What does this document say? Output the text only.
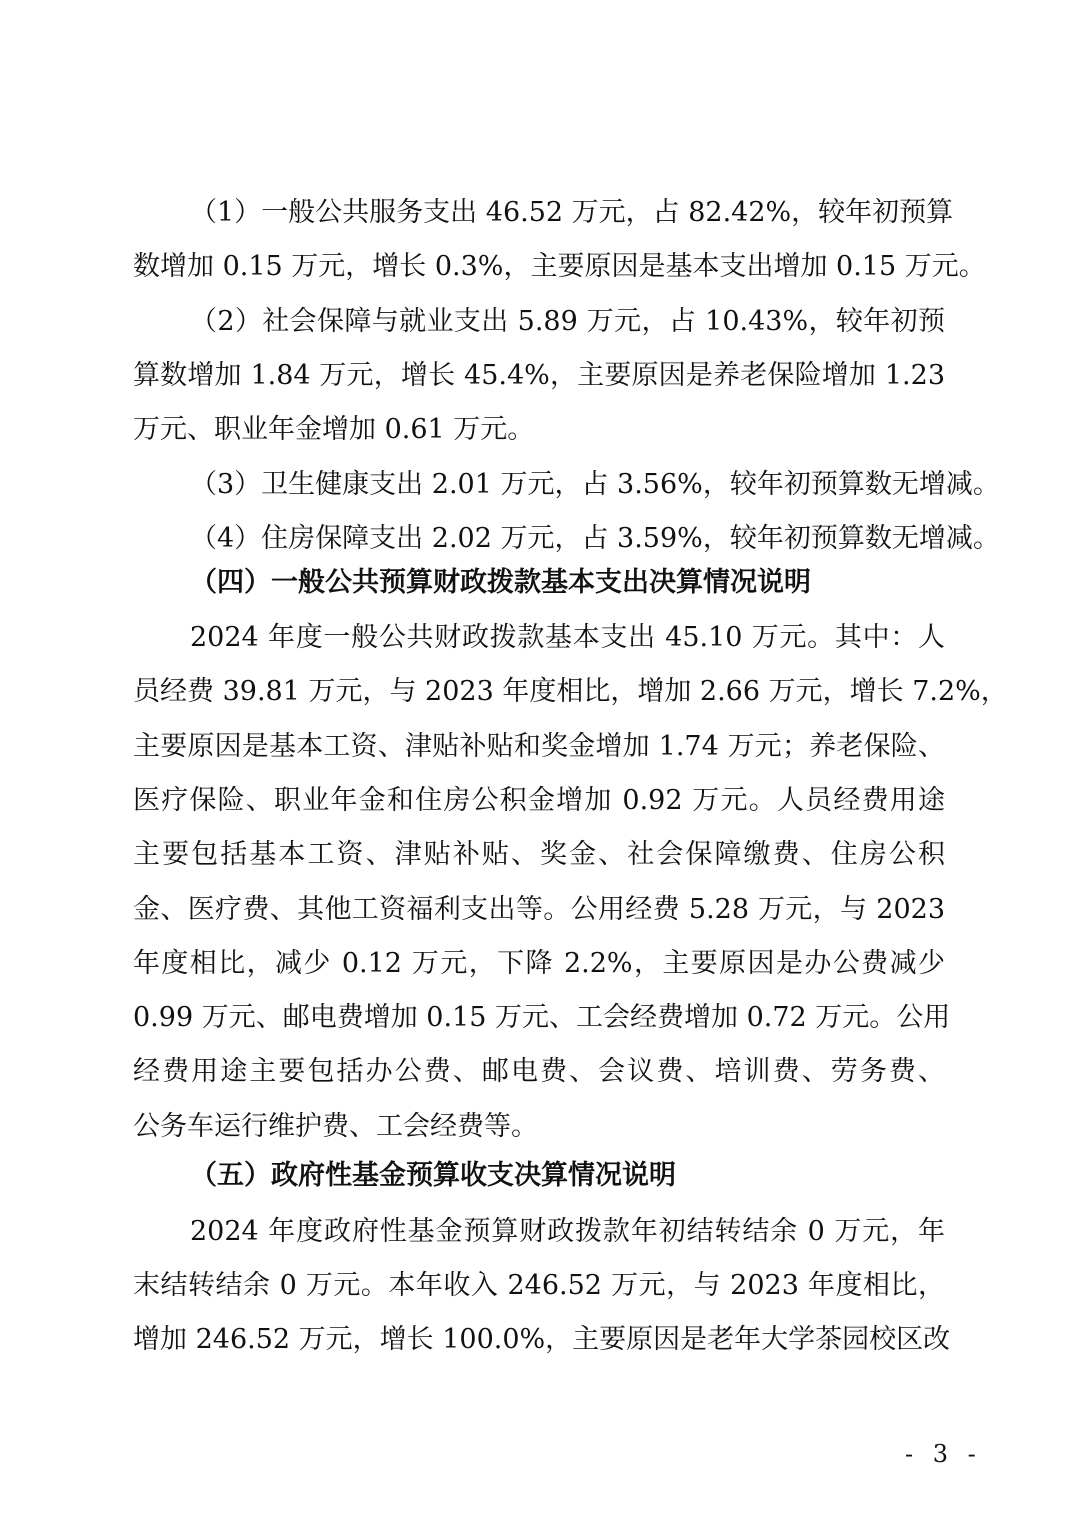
（1）一般公共服务支出 46.52 万元，占 82.42%，较年初预算
数增加 0.15 万元，增长 0.3%，主要原因是基本支出增加 0.15 万元。
（2）社会保障与就业支出 5.89 万元，占 10.43%，较年初预
算数增加 1.84 万元，增长 45.4%，主要原因是养老保险增加 1.23
万元、职业年金增加 0.61 万元。
（3）卫生健康支出 2.01 万元，占 3.56%，较年初预算数无增减。
（4）住房保障支出 2.02 万元，占 3.59%，较年初预算数无增减。
（四）一般公共预算财政拨款基本支出决算情况说明
2024 年度一般公共财政拨款基本支出 45.10 万元。其中：人
员经费 39.81 万元，与 2023 年度相比，增加 2.66 万元，增长 7.2%，
主要原因是基本工资、津贴补贴和奖金增加 1.74 万元；养老保险、
医疗保险、职业年金和住房公积金增加 0.92 万元。人员经费用途
主要包括基本工资、津贴补贴、奖金、社会保障缴费、住房公积
金、医疗费、其他工资福利支出等。公用经费 5.28 万元，与 2023
年度相比，减少 0.12 万元，下降 2.2%，主要原因是办公费减少
0.99 万元、邮电费增加 0.15 万元、工会经费增加 0.72 万元。公用
经费用途主要包括办公费、邮电费、会议费、培训费、劳务费、
公务车运行维护费、工会经费等。
（五）政府性基金预算收支决算情况说明
2024 年度政府性基金预算财政拨款年初结转结余 0 万元，年
末结转结余 0 万元。本年收入 246.52 万元，与 2023 年度相比，
增加 246.52 万元，增长 100.0%，主要原因是老年大学茶园校区改
- 3 -
